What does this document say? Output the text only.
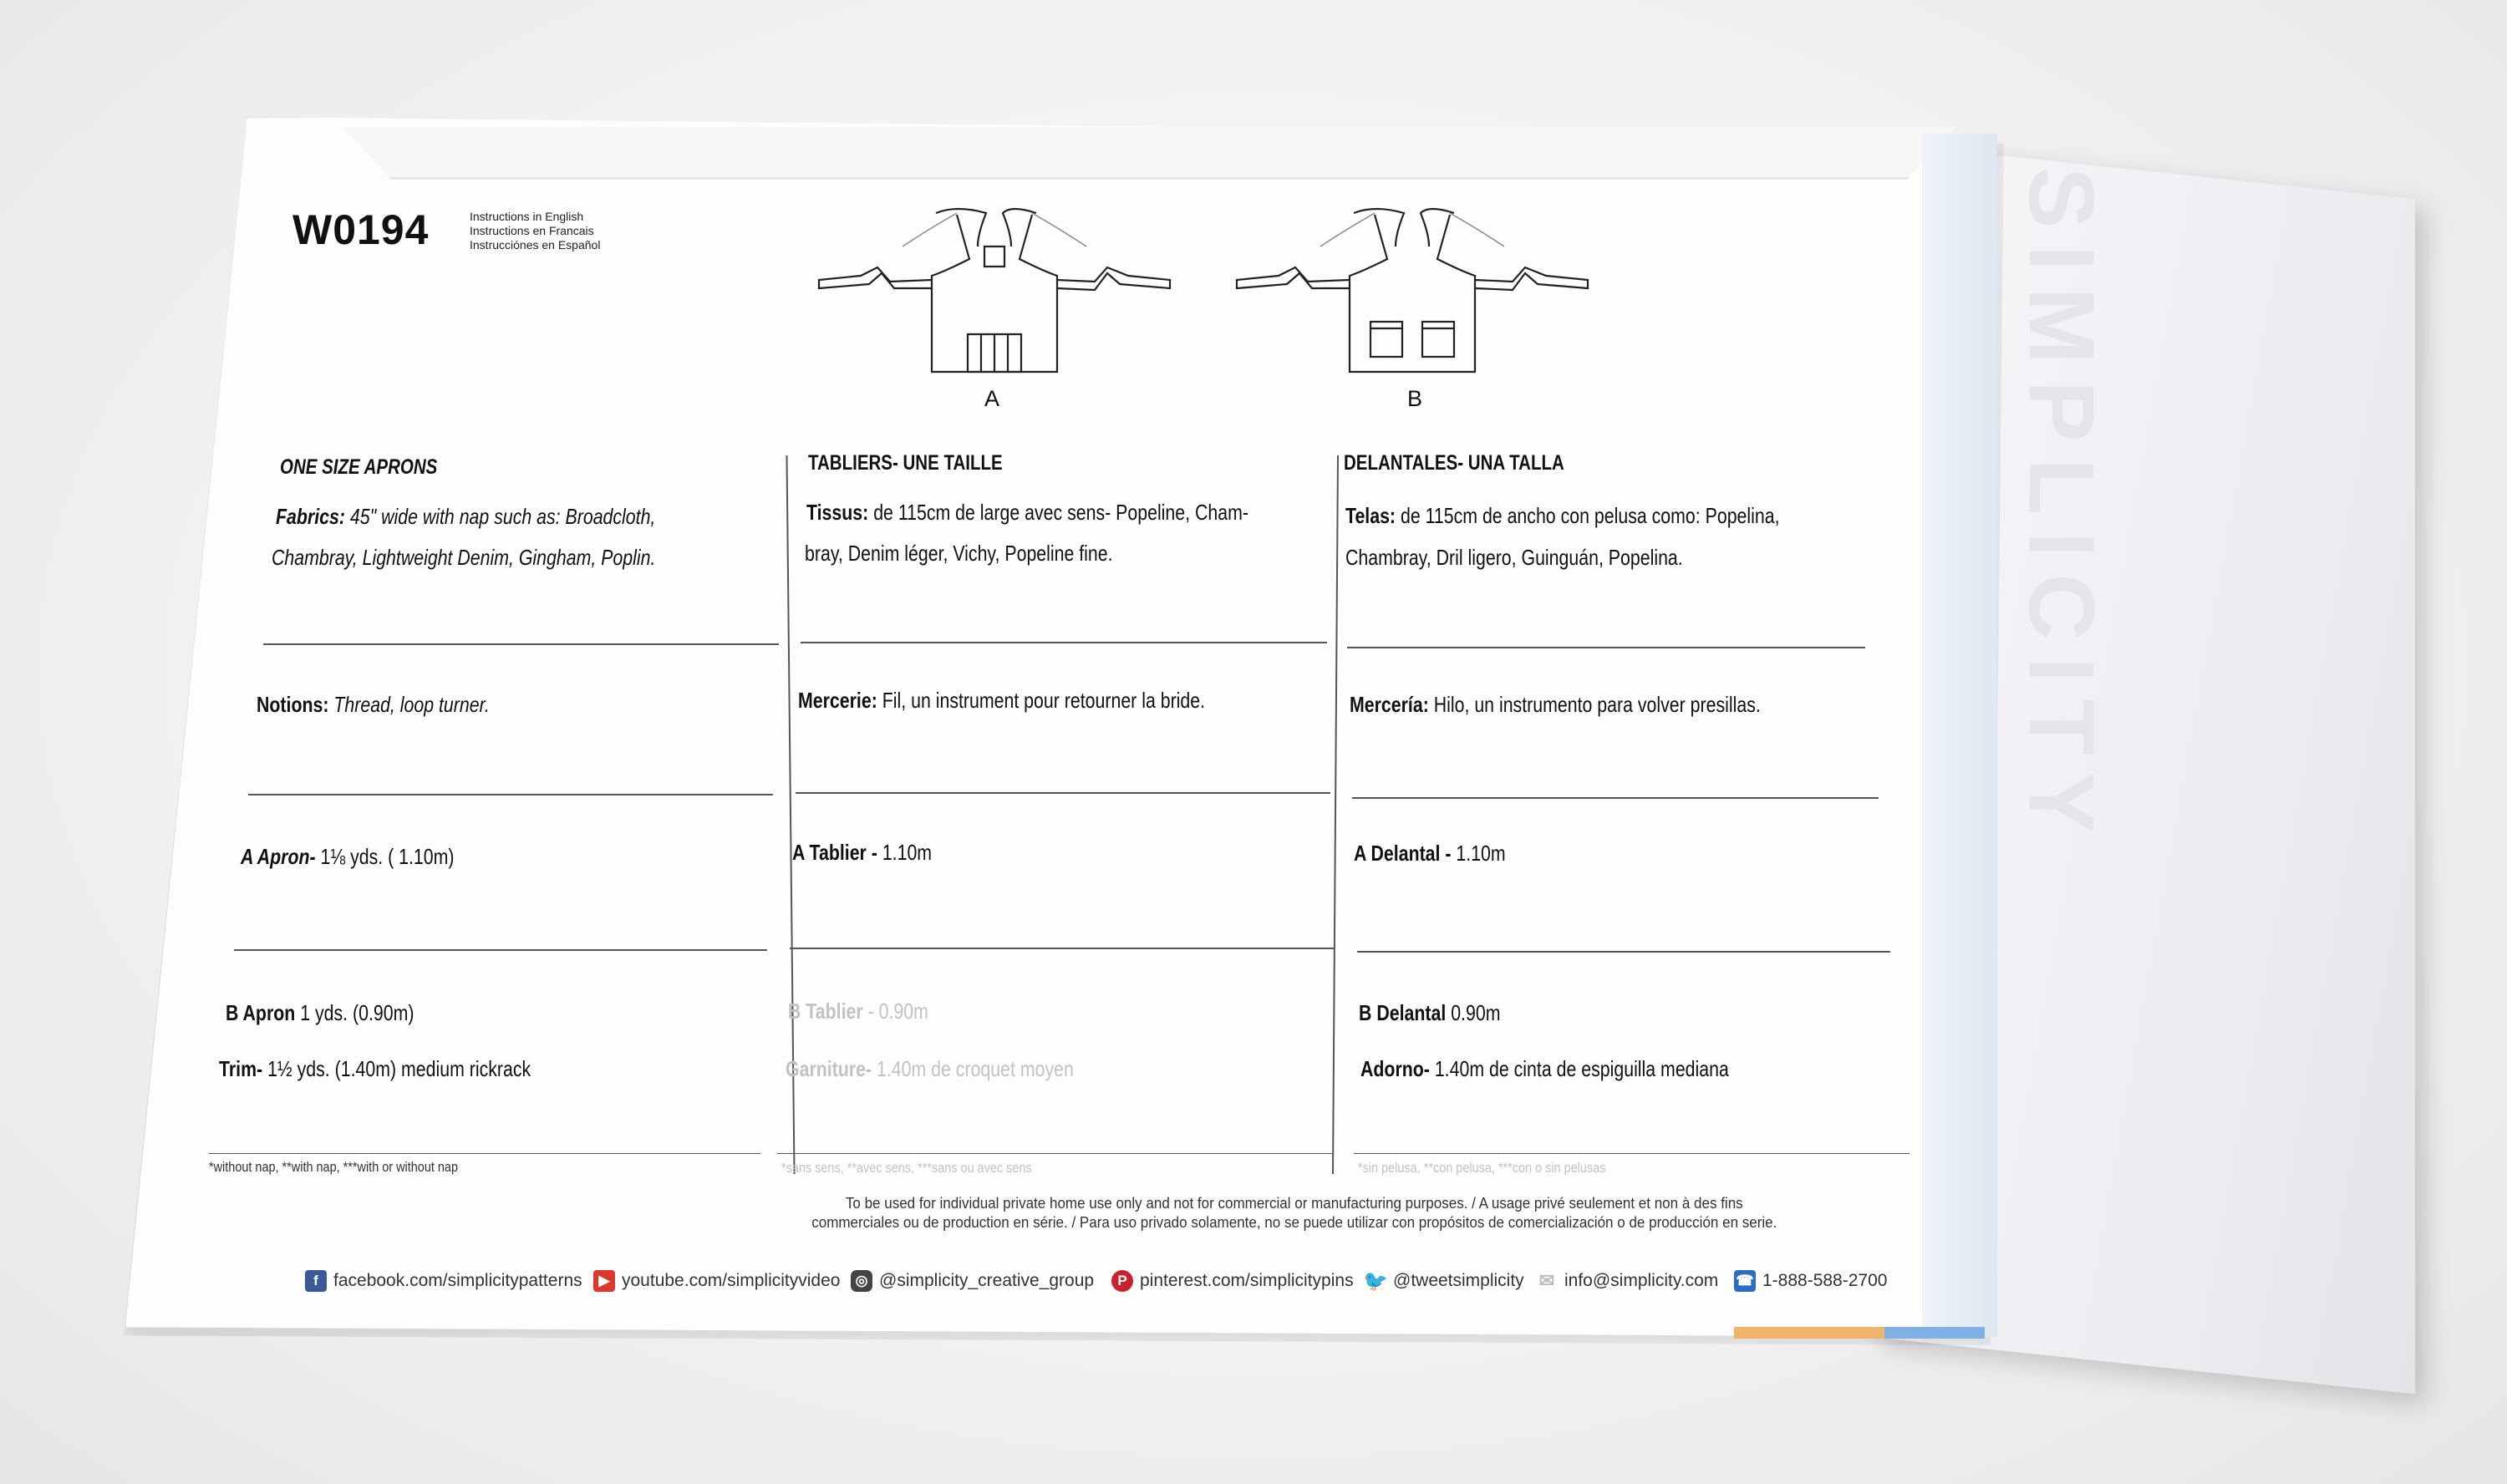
SIMPLICITY
W0194	Instructions in English
Instructions en Francais
Instrucciónes en Español
A	B
ONE SIZE APRONS
Fabrics: 45" wide with nap such as: Broadcloth,
Chambray, Lightweight Denim, Gingham, Poplin.
Notions: Thread, loop turner.
A Apron- 1⅛ yds. ( 1.10m)
B Apron 1 yds. (0.90m)
Trim- 1½ yds. (1.40m) medium rickrack
*without nap, **with nap, ***with or without nap
TABLIERS- UNE TAILLE
Tissus: de 115cm de large avec sens- Popeline, Cham-
bray, Denim léger, Vichy, Popeline fine.
Mercerie: Fil, un instrument pour retourner la bride.
A Tablier - 1.10m
B Tablier - 0.90m
Garniture- 1.40m de croquet moyen
*sans sens, **avec sens, ***sans ou avec sens
DELANTALES- UNA TALLA
Telas: de 115cm de ancho con pelusa como: Popelina,
Chambray, Dril ligero, Guinguán, Popelina.
Mercería: Hilo, un instrumento para volver presillas.
A Delantal - 1.10m
B Delantal 0.90m
Adorno- 1.40m de cinta de espiguilla mediana
*sin pelusa, **con pelusa, ***con o sin pelusas
To be used for individual private home use only and not for commercial or manufacturing purposes. / A usage privé seulement et non à des fins
commerciales ou de production en série. / Para uso privado solamente, no se puede utilizar con propósitos de comercialización o de producción en serie.
f facebook.com/simplicitypatterns	▶ youtube.com/simplicityvideo	◎ @simplicity_creative_group	P pinterest.com/simplicitypins 🐦 @tweetsimplicity ✉ info@simplicity.com ☎ 1-888-588-2700
